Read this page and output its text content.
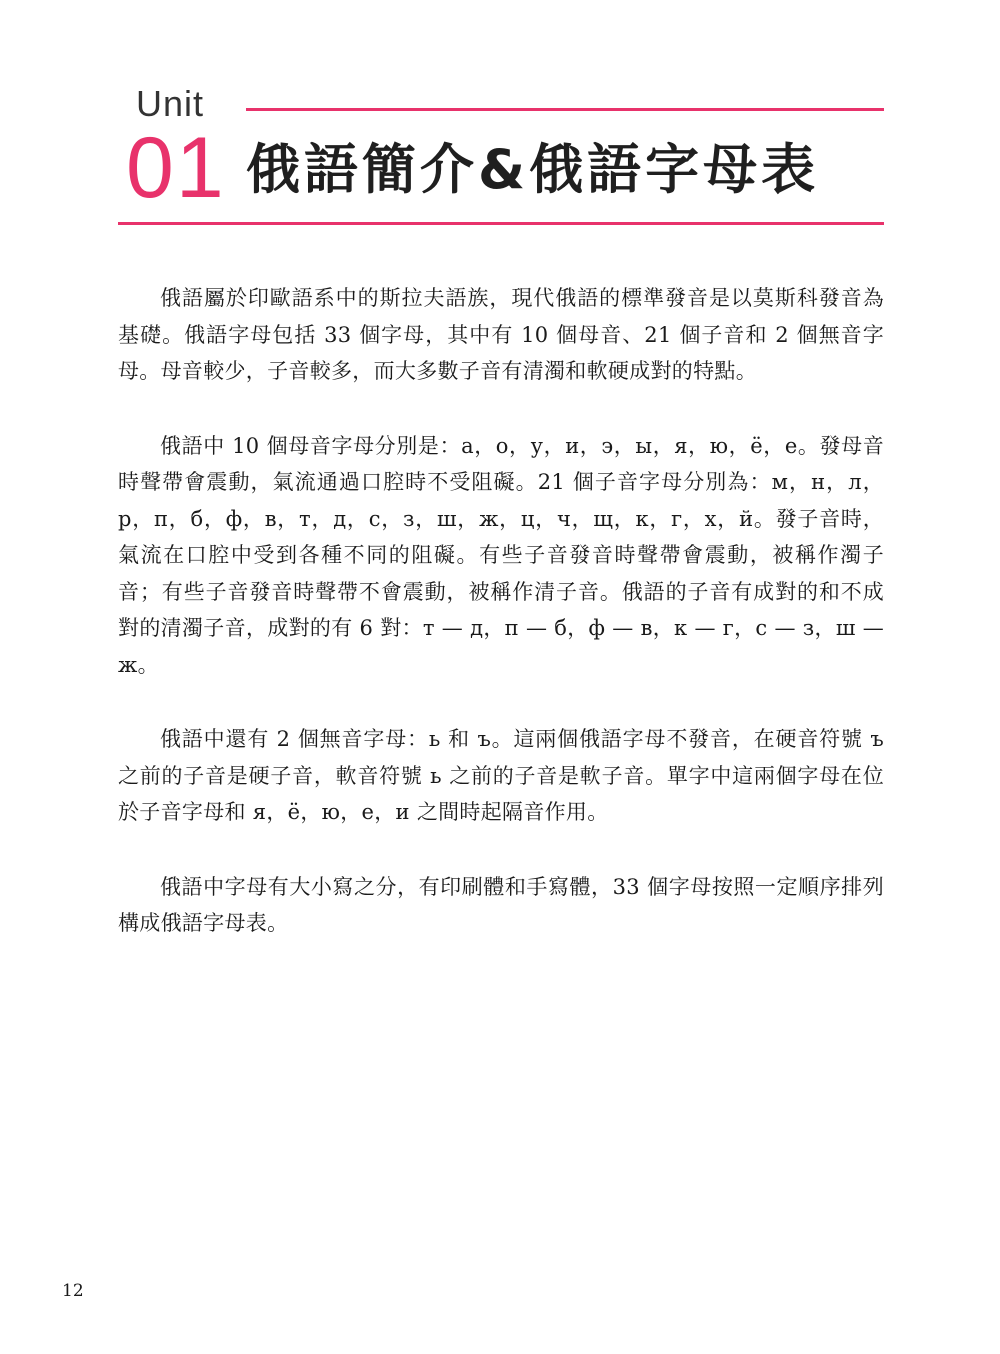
Unit
01 俄語簡介&俄語字母表

俄語屬於印歐語系中的斯拉夫語族，現代俄語的標準發音是以莫斯科發音為基礎。俄語字母包括 33 個字母，其中有 10 個母音、21 個子音和 2 個無音字母。母音較少，子音較多，而大多數子音有清濁和軟硬成對的特點。

俄語中 10 個母音字母分別是：а，о，у，и，э，ы，я，ю，ё，е。發母音時聲帶會震動，氣流通過口腔時不受阻礙。21 個子音字母分別為：м，н，л，р，п，б，ф，в，т，д，с，з，ш，ж，ц，ч，щ，к，г，х，й。發子音時，氣流在口腔中受到各種不同的阻礙。有些子音發音時聲帶會震動，被稱作濁子音；有些子音發音時聲帶不會震動，被稱作清子音。俄語的子音有成對的和不成對的清濁子音，成對的有 6 對：т — д，п — б，ф — в，к — г，с — з，ш — ж。

俄語中還有 2 個無音字母：ь 和 ъ。這兩個俄語字母不發音，在硬音符號 ъ 之前的子音是硬子音，軟音符號 ь 之前的子音是軟子音。單字中這兩個字母在位於子音字母和 я，ё，ю，е，и 之間時起隔音作用。

俄語中字母有大小寫之分，有印刷體和手寫體，33 個字母按照一定順序排列構成俄語字母表。

12
